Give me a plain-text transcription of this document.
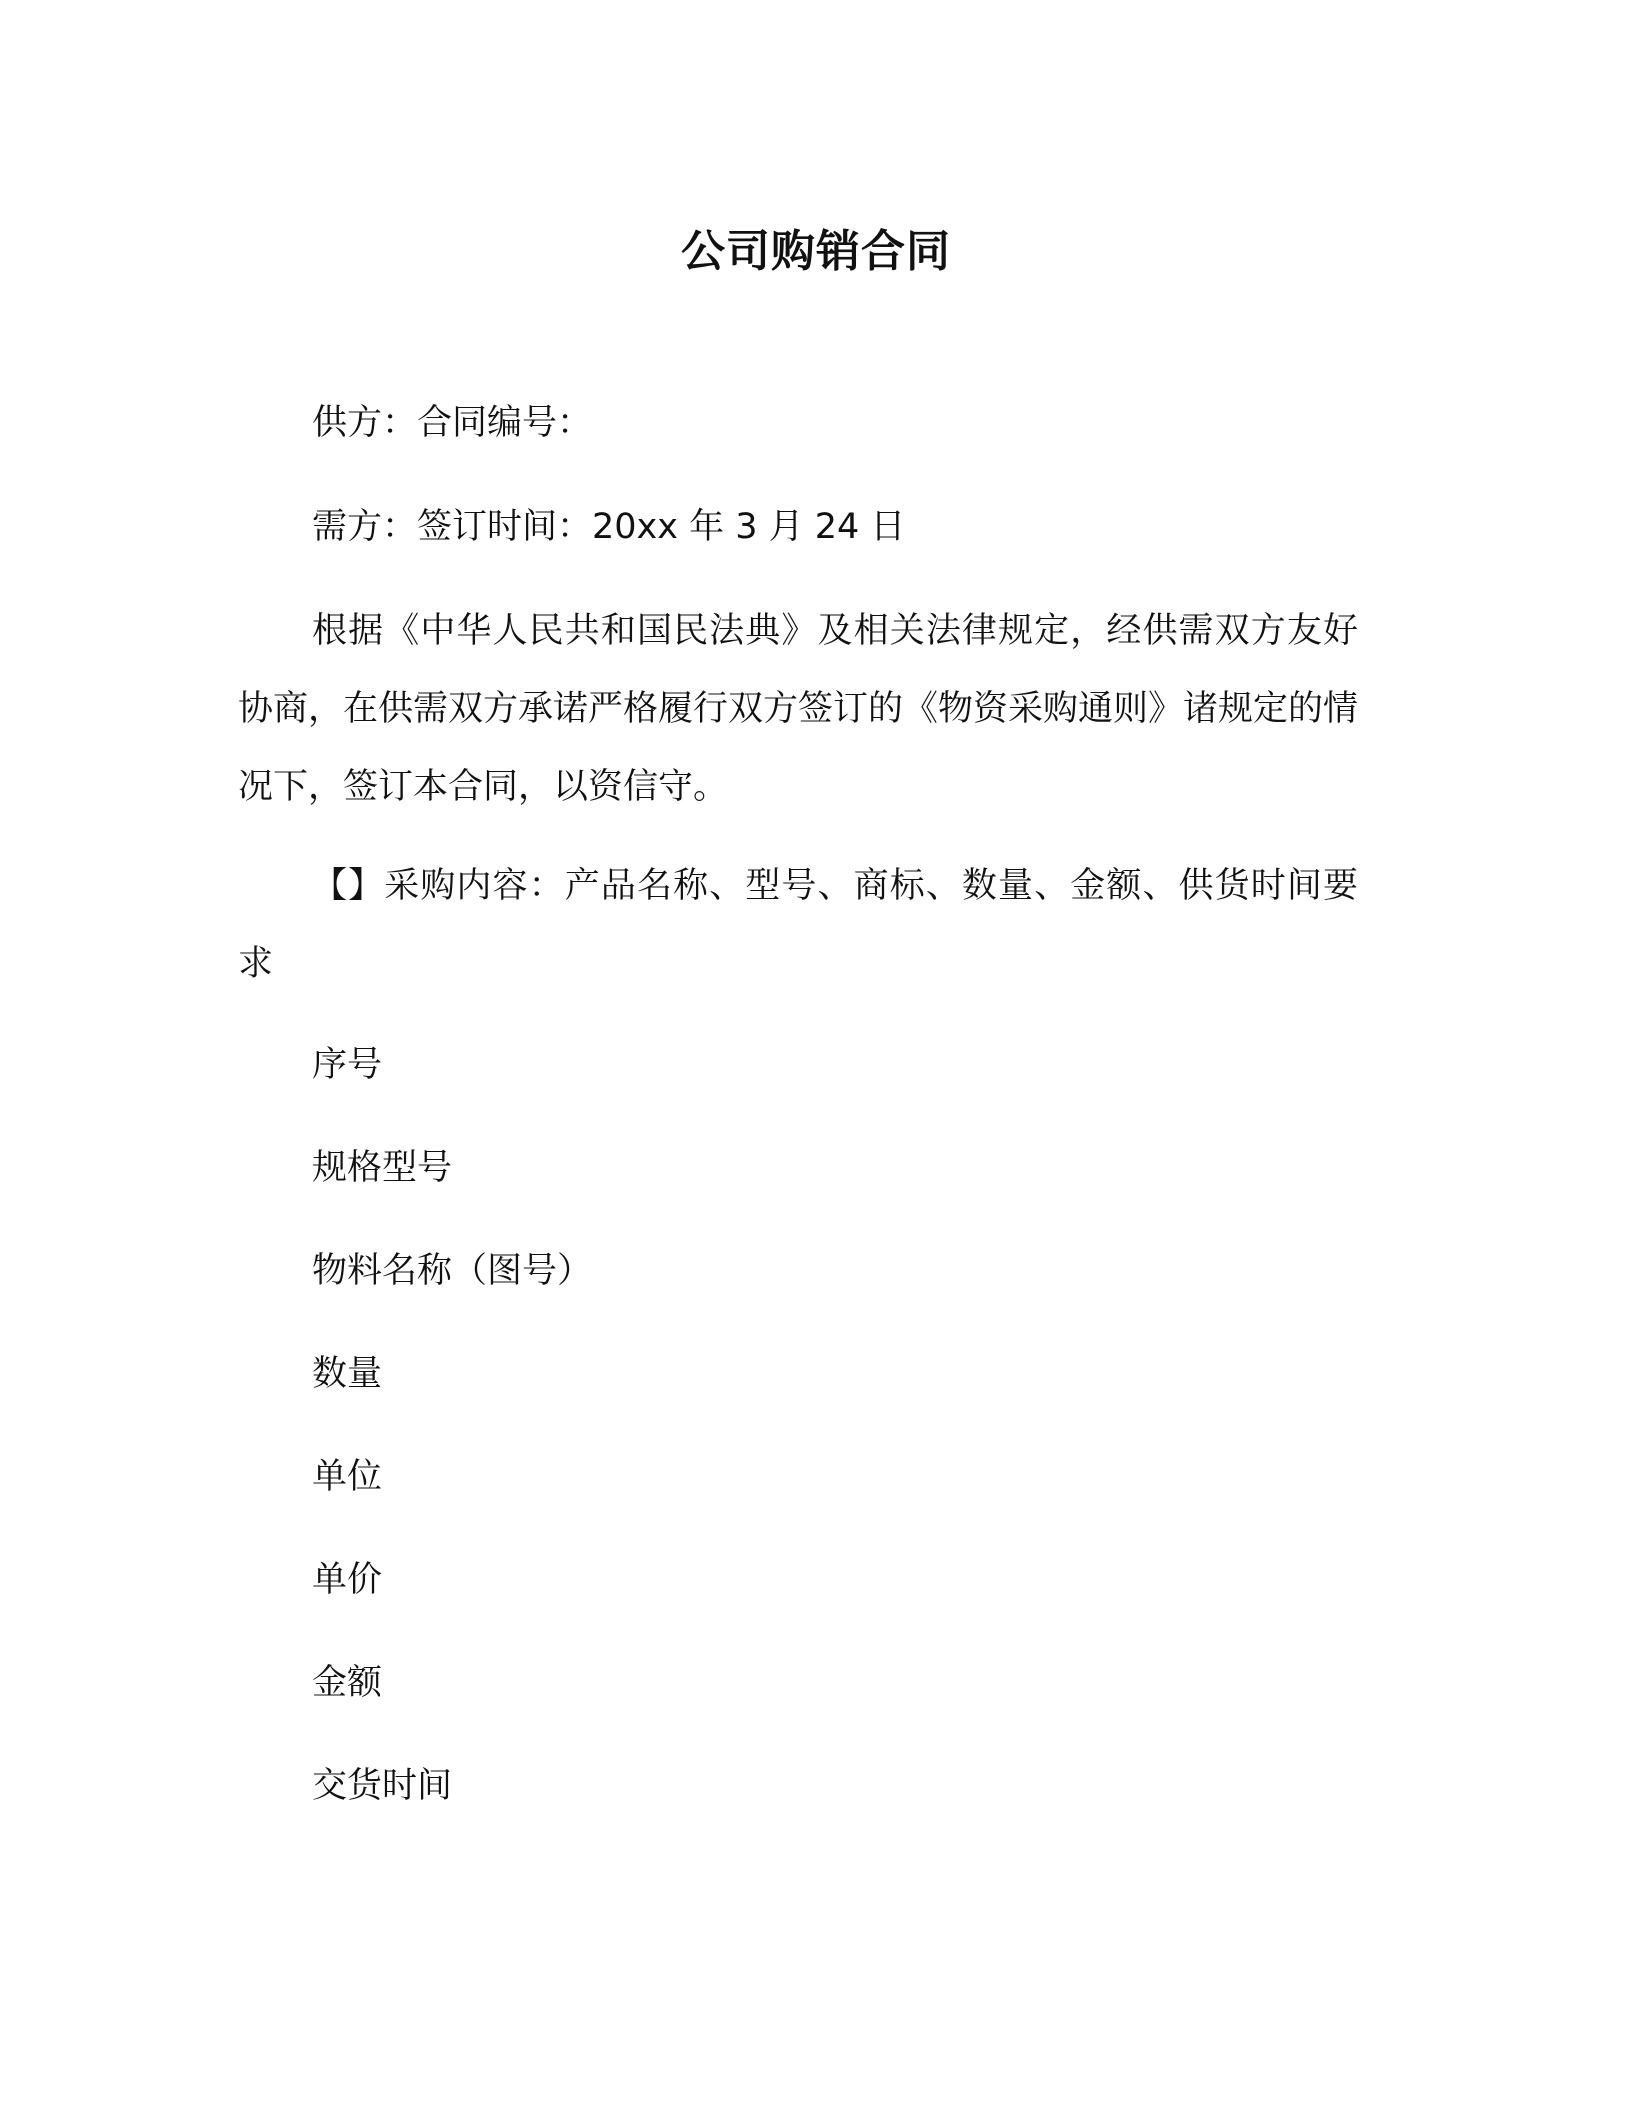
公司购销合同
供方：合同编号：
需方：签订时间：20xx 年 3 月 24 日

根据《中华人民共和国民法典》及相关法律规定，经供需双方友好协商，在供需双方承诺严格履行双方签订的《物资采购通则》诸规定的情况下，签订本合同，以资信守。

【】采购内容：产品名称、型号、商标、数量、金额、供货时间要求

序号
规格型号
物料名称（图号）
数量
单位
单价
金额
交货时间
